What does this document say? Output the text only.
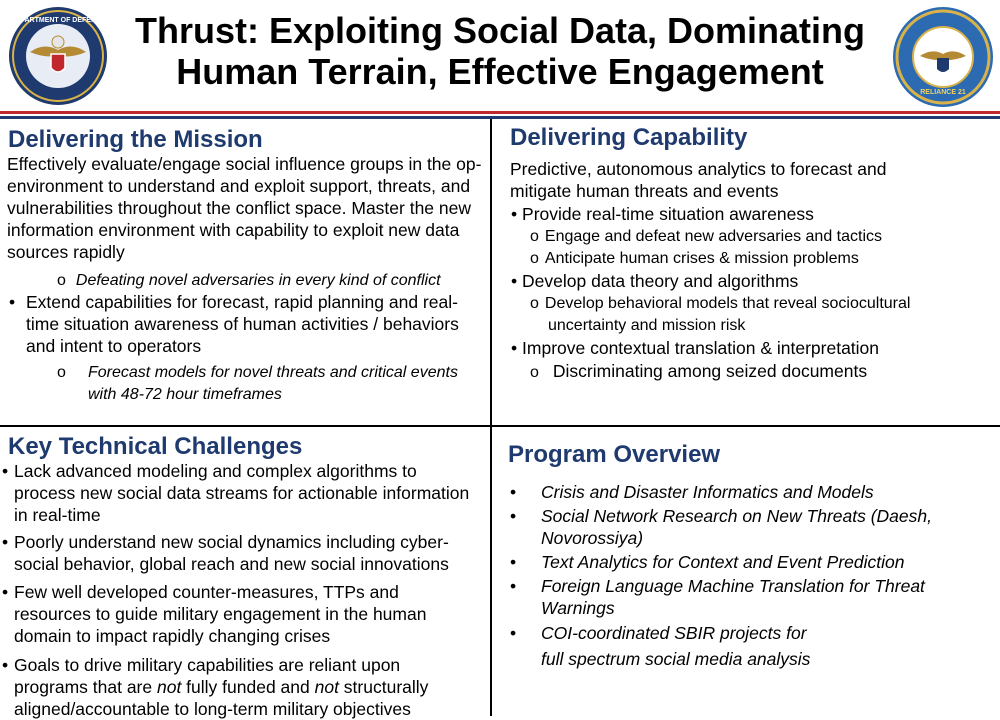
DEPARTMENT OF DEFENSE
RELIANCE 21
Thrust: Exploiting Social Data, Dominating
Human Terrain, Effective Engagement
Delivering the Mission
Effectively evaluate/engage social influence groups in the op-environment to understand and exploit support, threats, and vulnerabilities throughout the conflict space. Master the new information environment with capability to exploit new data sources rapidly
o Defeating novel adversaries in every kind of conflict
• Extend capabilities for forecast, rapid planning and real-time situation awareness of human activities / behaviors and intent to operators
o Forecast models for novel threats and critical events with 48-72 hour timeframes
Delivering Capability
Predictive, autonomous analytics to forecast and mitigate human threats and events
• Provide real-time situation awareness
o Engage and defeat new adversaries and tactics
o Anticipate human crises & mission problems
• Develop data theory and algorithms
o Develop behavioral models that reveal sociocultural
uncertainty and mission risk
• Improve contextual translation & interpretation
o Discriminating among seized documents
Key Technical Challenges
• Lack advanced modeling and complex algorithms to process new social data streams for actionable information in real-time
• Poorly understand new social dynamics including cyber-social behavior, global reach and new social innovations
• Few well developed counter-measures, TTPs and resources to guide military engagement in the human domain to impact rapidly changing crises
• Goals to drive military capabilities are reliant upon programs that are not fully funded and not structurally aligned/accountable to long-term military objectives
Program Overview
• Crisis and Disaster Informatics and Models
• Social Network Research on New Threats (Daesh, Novorossiya)
• Text Analytics for Context and Event Prediction
• Foreign Language Machine Translation for Threat Warnings
• COI-coordinated SBIR projects for
full spectrum social media analysis
